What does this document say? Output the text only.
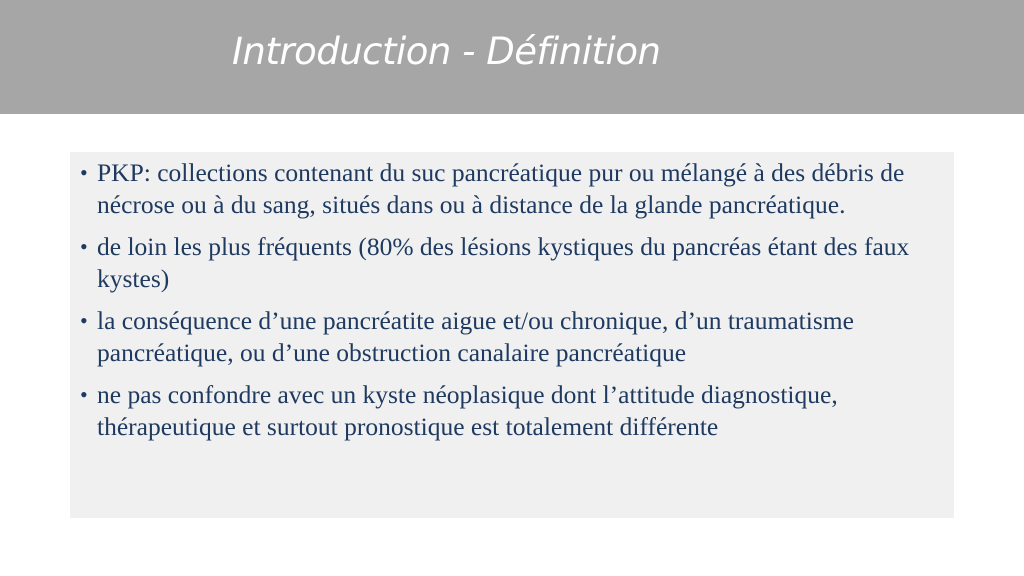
Introduction - Définition
• PKP: collections contenant du suc pancréatique pur ou mélangé à des débris de nécrose ou à du sang, situés dans ou à distance de la glande pancréatique.
• de loin les plus fréquents (80% des lésions kystiques du pancréas étant des faux kystes)
• la conséquence d’une pancréatite aigue et/ou chronique, d’un traumatisme pancréatique, ou d’une obstruction canalaire pancréatique
• ne pas confondre avec un kyste néoplasique dont l’attitude diagnostique, thérapeutique et surtout pronostique est totalement différente
